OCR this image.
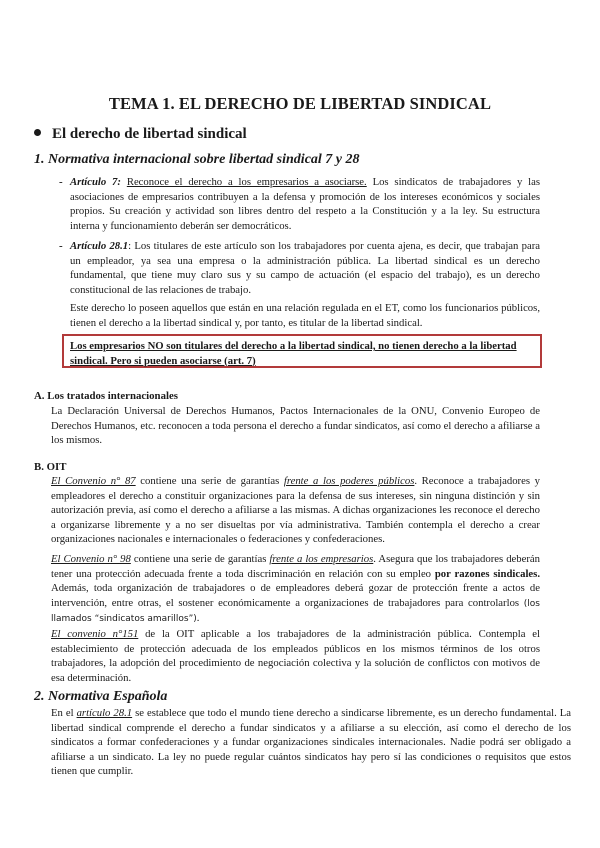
TEMA 1. EL DERECHO DE LIBERTAD SINDICAL
El derecho de libertad sindical
1. Normativa internacional sobre libertad sindical 7 y 28
- Artículo 7: Reconoce el derecho a los empresarios a asociarse. Los sindicatos de trabajadores y las asociaciones de empresarios contribuyen a la defensa y promoción de los intereses económicos y sociales propios. Su creación y actividad son libres dentro del respeto a la Constitución y a la ley. Su estructura interna y funcionamiento deberán ser democráticos.
- Artículo 28.1: Los titulares de este artículo son los trabajadores por cuenta ajena, es decir, que trabajan para un empleador, ya sea una empresa o la administración pública. La libertad sindical es un derecho fundamental, que tiene muy claro sus y su campo de actuación (el espacio del trabajo), es un derecho constitucional de las relaciones de trabajo.
Este derecho lo poseen aquellos que están en una relación regulada en el ET, como los funcionarios públicos, tienen el derecho a la libertad sindical y, por tanto, es titular de la libertad sindical.
Los empresarios NO son titulares del derecho a la libertad sindical, no tienen derecho a la libertad sindical. Pero si pueden asociarse (art. 7)
A. Los tratados internacionales
La Declaración Universal de Derechos Humanos, Pactos Internacionales de la ONU, Convenio Europeo de Derechos Humanos, etc. reconocen a toda persona el derecho a fundar sindicatos, así como el derecho a afiliarse a los mismos.
B. OIT
El Convenio n° 87 contiene una serie de garantías frente a los poderes públicos. Reconoce a trabajadores y empleadores el derecho a constituir organizaciones para la defensa de sus intereses, sin ninguna distinción y sin autorización previa, así como el derecho a afiliarse a las mismas. A dichas organizaciones les reconoce el derecho a organizarse libremente y a no ser disueltas por vía administrativa. También contempla el derecho a crear organizaciones nacionales e internacionales o federaciones y confederaciones.
El Convenio n° 98 contiene una serie de garantías frente a los empresarios. Asegura que los trabajadores deberán tener una protección adecuada frente a toda discriminación en relación con su empleo por razones sindicales. Además, toda organización de trabajadores o de empleadores deberá gozar de protección frente a actos de intervención, entre otras, el sostener económicamente a organizaciones de trabajadores para controlarlos (los llamados “sindicatos amarillos”).
El convenio n°151 de la OIT aplicable a los trabajadores de la administración pública. Contempla el establecimiento de protección adecuada de los empleados públicos en los mismos términos de los otros trabajadores, la adopción del procedimiento de negociación colectiva y la solución de conflictos con motivos de esa determinación.
2. Normativa Española
En el artículo 28.1 se establece que todo el mundo tiene derecho a sindicarse libremente, es un derecho fundamental. La libertad sindical comprende el derecho a fundar sindicatos y a afiliarse a su elección, así como el derecho de los sindicatos a formar confederaciones y a fundar organizaciones sindicales internacionales. Nadie podrá ser obligado a afiliarse a un sindicato. La ley no puede regular cuántos sindicatos hay pero sí las condiciones o requisitos que estos tienen que cumplir.
